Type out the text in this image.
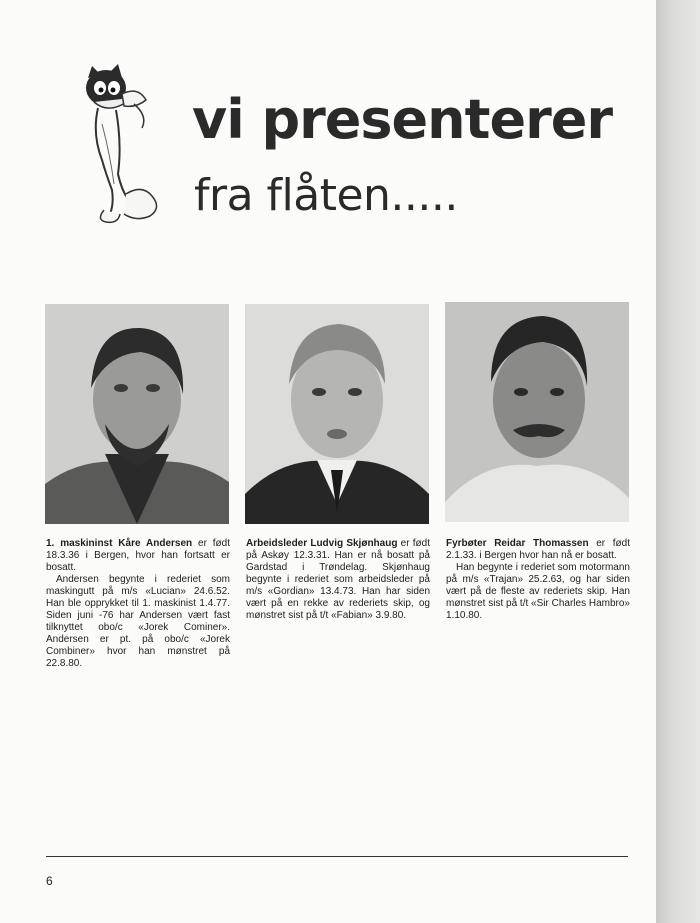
vi presenterer
fra flåten.....

1. maskininst Kåre Andersen er født 18.3.36 i Bergen, hvor han fortsatt er bosatt.

Andersen begynte i rederiet som maskingutt på m/s «Lucian» 24.6.52. Han ble opprykket til 1. maskinist 1.4.77. Siden juni -76 har Andersen vært fast tilknyttet obo/c «Jorek Cominer». Andersen er pt. på obo/c «Jorek Combiner» hvor han mønstret på 22.8.80.

Arbeidsleder Ludvig Skjønhaug er født på Askøy 12.3.31. Han er nå bosatt på Gardstad i Trøndelag. Skjønhaug begynte i rederiet som arbeidsleder på m/s «Gordian» 13.4.73. Han har siden vært på en rekke av rederiets skip, og mønstret sist på t/t «Fabian» 3.9.80.

Fyrbøter Reidar Thomassen er født 2.1.33. i Bergen hvor han nå er bosatt.

Han begynte i rederiet som motormann på m/s «Trajan» 25.2.63, og har siden vært på de fleste av rederiets skip. Han mønstret sist på t/t «Sir Charles Hambro» 1.10.80.

6
